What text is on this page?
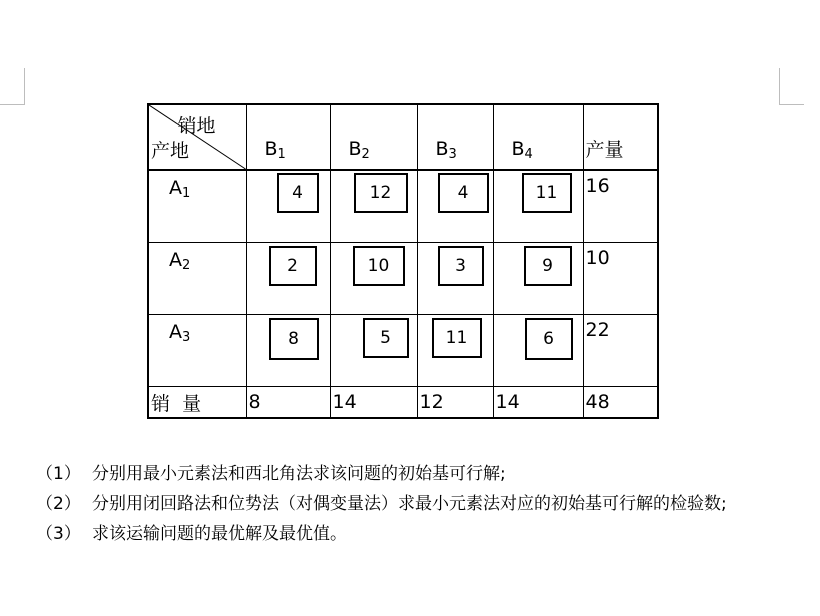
销地
产地	$B_1$	$B_2$	$B_3$	$B_4$	产量

$A_1$	4	12	4	11	16

$A_2$	2	10	3	9	10

$A_3$	8	5	11	6	22

销  量	8	14	12	14	48
（1） 分别用最小元素法和西北角法求该问题的初始基可行解;
（2） 分别用闭回路法和位势法（对偶变量法）求最小元素法对应的初始基可行解的检验数;
（3） 求该运输问题的最优解及最优值。
